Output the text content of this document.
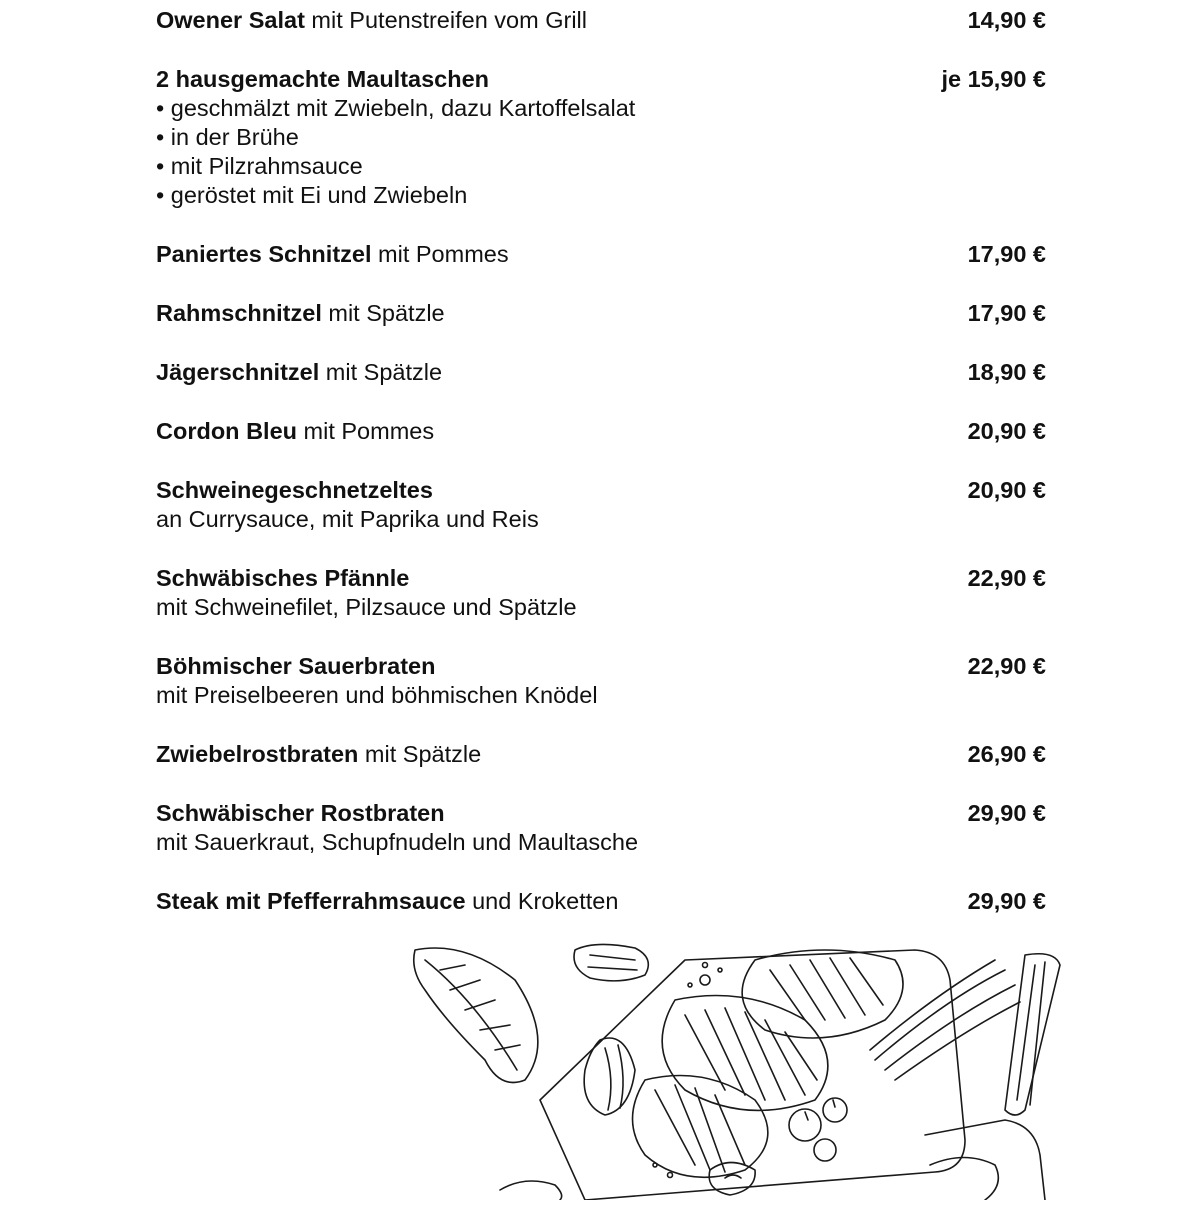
Owener Salat mit Putenstreifen vom Grill	14,90 €
2 hausgemachte Maultaschen	je 15,90 €
• geschmälzt mit Zwiebeln, dazu Kartoffelsalat
• in der Brühe
• mit Pilzrahmsauce
• geröstet mit Ei und Zwiebeln
Paniertes Schnitzel mit Pommes	17,90 €
Rahmschnitzel mit Spätzle	17,90 €
Jägerschnitzel mit Spätzle	18,90 €
Cordon Bleu mit Pommes	20,90 €
Schweinegeschnetzeltes	20,90 €
an Currysauce, mit Paprika und Reis
Schwäbisches Pfännle	22,90 €
mit Schweinefilet, Pilzsauce und Spätzle
Böhmischer Sauerbraten	22,90 €
mit Preiselbeeren und böhmischen Knödel
Zwiebelrostbraten mit Spätzle	26,90 €
Schwäbischer Rostbraten	29,90 €
mit Sauerkraut, Schupfnudeln und Maultasche
Steak mit Pfefferrahmsauce und Kroketten	29,90 €
